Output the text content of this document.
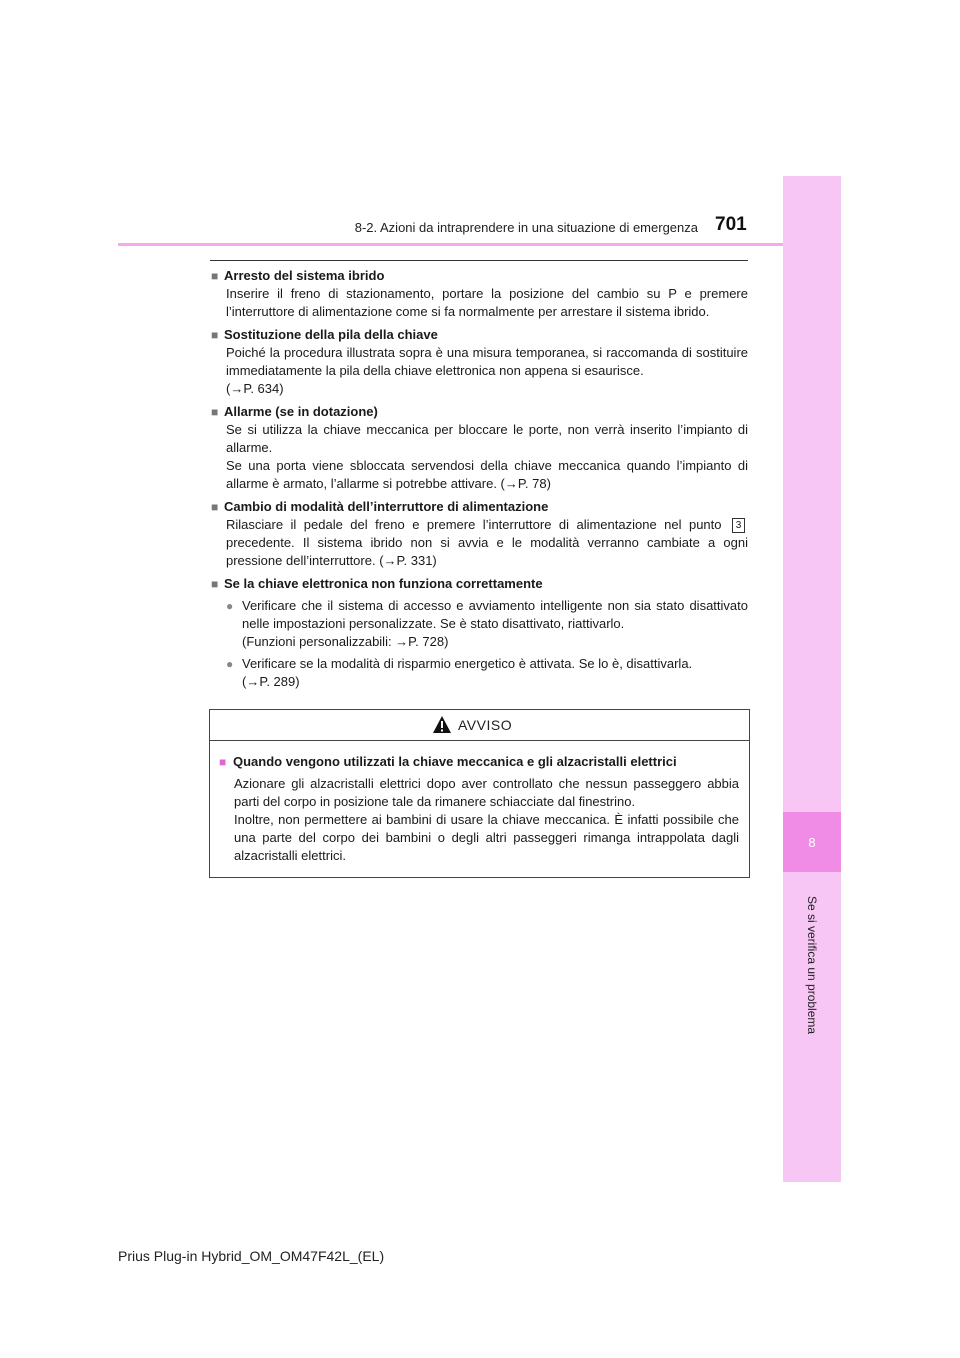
8
Se si verifica un problema
8-2. Azioni da intraprendere in una situazione di emergenza 701
■ Arresto del sistema ibrido

Inserire il freno di stazionamento, portare la posizione del cambio su P e premere l’interruttore di alimentazione come si fa normalmente per arrestare il sistema ibrido.

■ Sostituzione della pila della chiave

Poiché la procedura illustrata sopra è una misura temporanea, si raccomanda di sostituire immediatamente la pila della chiave elettronica non appena si esaurisce.

(→P. 634)

■ Allarme (se in dotazione)

Se si utilizza la chiave meccanica per bloccare le porte, non verrà inserito l’impianto di allarme.

Se una porta viene sbloccata servendosi della chiave meccanica quando l’impianto di allarme è armato, l’allarme si potrebbe attivare. (→P. 78)

■ Cambio di modalità dell’interruttore di alimentazione
Rilasciare il pedale del freno e premere l’interruttore di alimentazione nel punto 3 precedente. Il sistema ibrido non si avvia e le modalità verranno cambiate a ogni pressione dell’interruttore. (→P. 331)
■ Se la chiave elettronica non funziona correttamente
● Verificare che il sistema di accesso e avviamento intelligente non sia stato disattivato nelle impostazioni personalizzate. Se è stato disattivato, riattivarlo.
(Funzioni personalizzabili: →P. 728)
● Verificare se la modalità di risparmio energetico è attivata. Se lo è, disattivarla.
(→P. 289)
AVVISO
■ Quando vengono utilizzati la chiave meccanica e gli alzacristalli elettrici

Azionare gli alzacristalli elettrici dopo aver controllato che nessun passeggero abbia parti del corpo in posizione tale da rimanere schiacciate dal finestrino.

Inoltre, non permettere ai bambini di usare la chiave meccanica. È infatti possibile che una parte del corpo dei bambini o degli altri passeggeri rimanga intrappolata dagli alzacristalli elettrici.

Prius Plug-in Hybrid_OM_OM47F42L_(EL)
